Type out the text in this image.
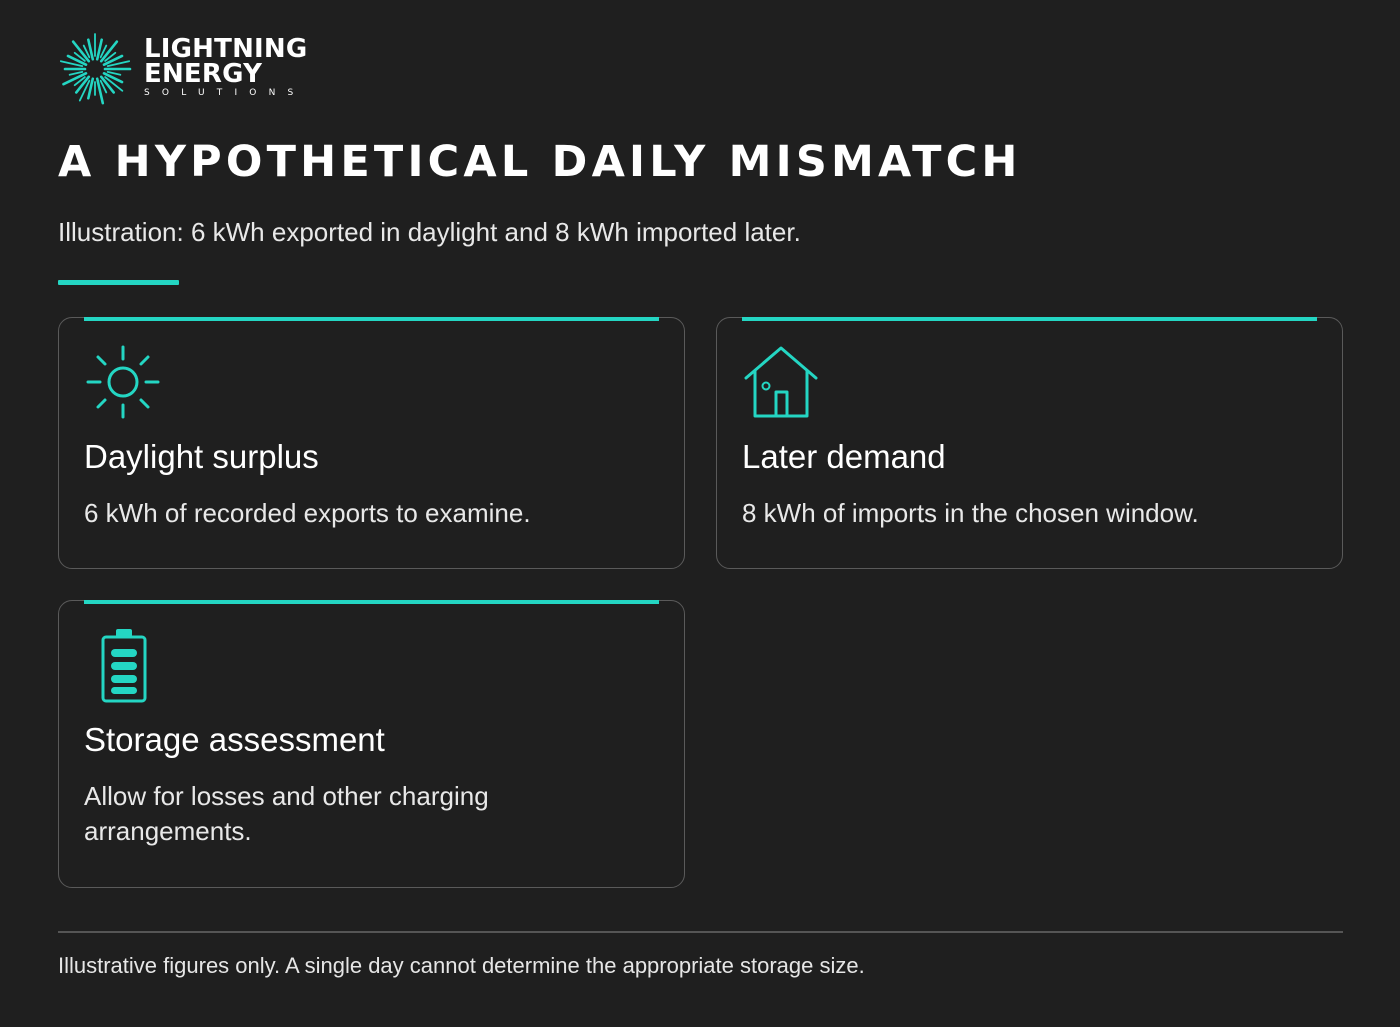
LIGHTNING
ENERGY
SOLUTIONS
A HYPOTHETICAL DAILY MISMATCH

Illustration: 6 kWh exported in daylight and 8 kWh imported later.

Daylight surplus

6 kWh of recorded exports to examine.

Later demand

8 kWh of imports in the chosen window.

Storage assessment

Allow for losses and other charging arrangements.

Illustrative figures only. A single day cannot determine the appropriate storage size.
